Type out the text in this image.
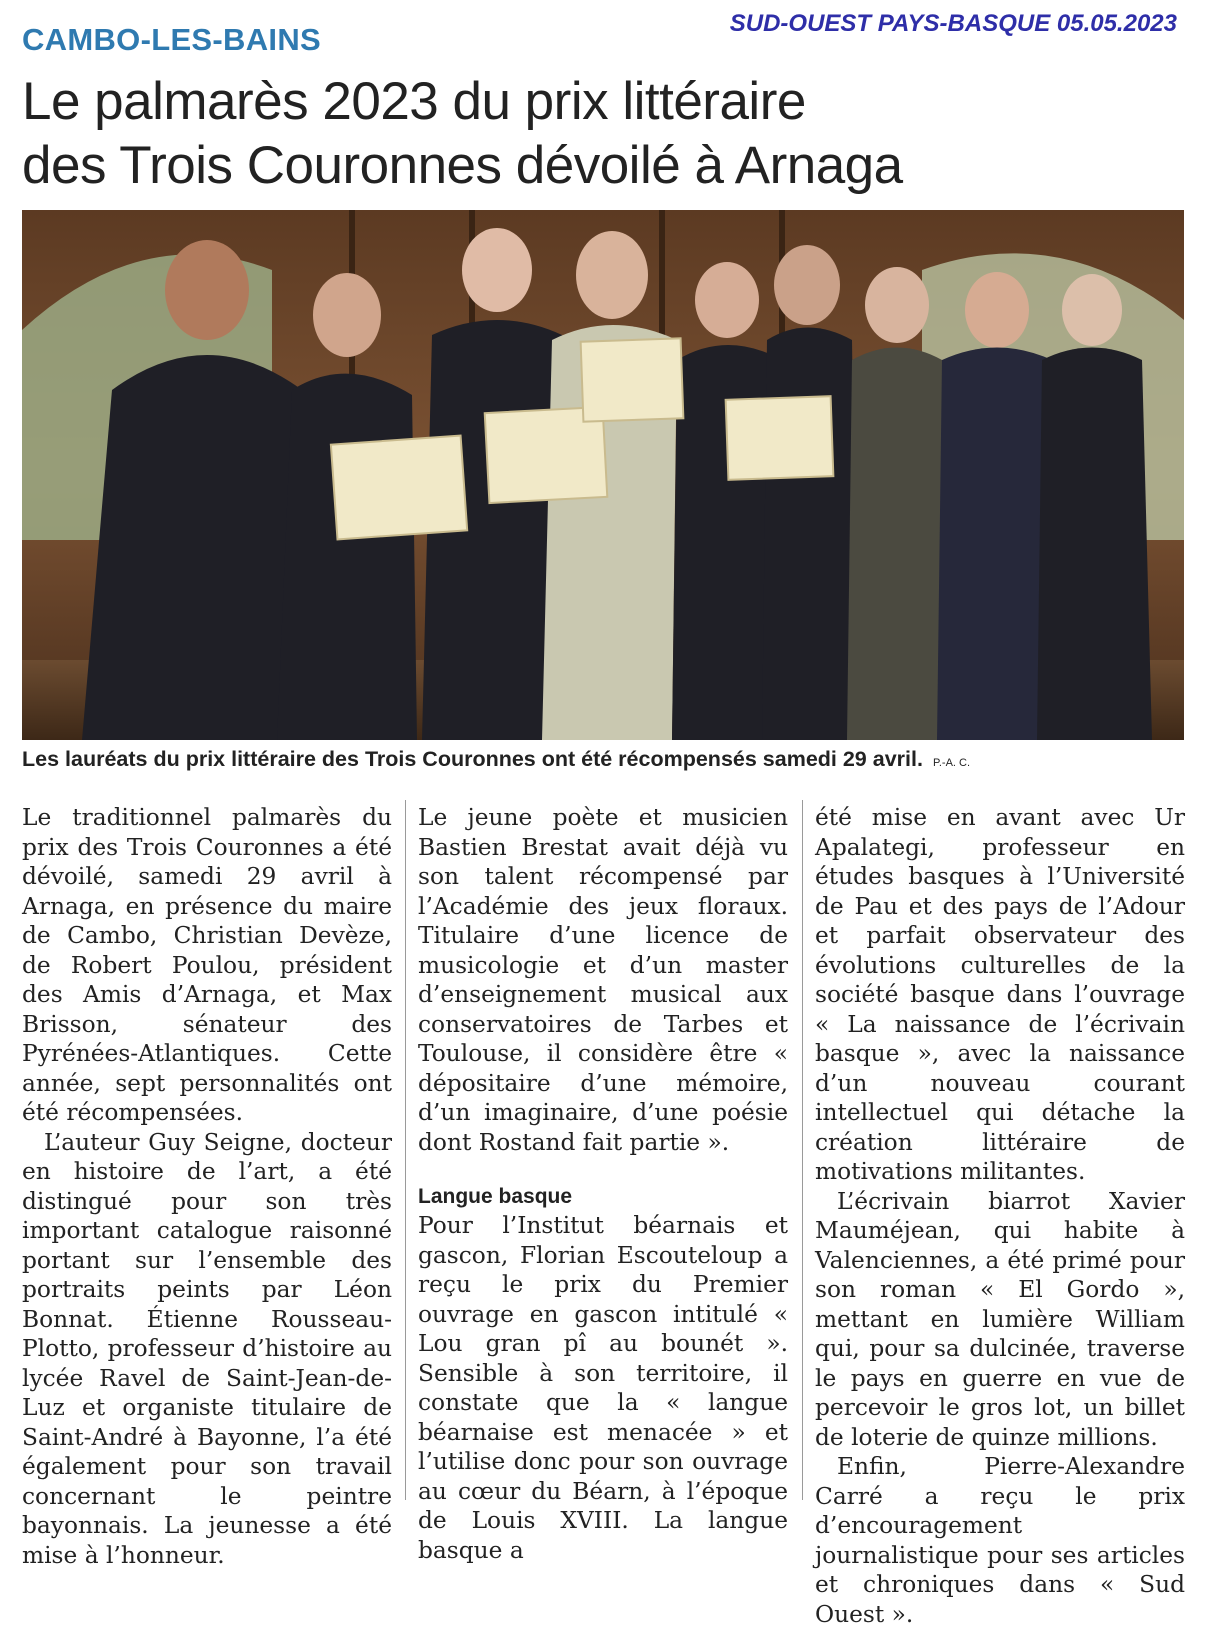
SUD-OUEST PAYS-BASQUE 05.05.2023
CAMBO-LES-BAINS
Le palmarès 2023 du prix littéraire
des Trois Couronnes dévoilé à Arnaga
Les lauréats du prix littéraire des Trois Couronnes ont été récompensés samedi 29 avril. P.-A. C.

Le traditionnel palmarès du prix des Trois Couronnes a été dévoilé, samedi 29 avril à Arnaga, en présence du maire de Cambo, Christian Devèze, de Robert Poulou, président des Amis d’Arnaga, et Max Brisson, sénateur des Pyrénées-Atlantiques. Cette année, sept personnalités ont été récompensées.

L’auteur Guy Seigne, docteur en histoire de l’art, a été distingué pour son très important catalogue raisonné portant sur l’ensemble des portraits peints par Léon Bonnat. Étienne Rousseau-Plotto, professeur d’histoire au lycée Ravel de Saint-Jean-de-Luz et organiste titulaire de Saint-André à Bayonne, l’a été également pour son travail concernant le peintre bayonnais. La jeunesse a été mise à l’honneur.

Le jeune poète et musicien Bastien Brestat avait déjà vu son talent récompensé par l’Académie des jeux floraux. Titulaire d’une licence de musicologie et d’un master d’enseignement musical aux conservatoires de Tarbes et Toulouse, il considère être « dépositaire d’une mémoire, d’un imaginaire, d’une poésie dont Rostand fait partie ».

Langue basque

Pour l’Institut béarnais et gascon, Florian Escouteloup a reçu le prix du Premier ouvrage en gascon intitulé « Lou gran pî au bounét ». Sensible à son territoire, il constate que la « langue béarnaise est menacée » et l’utilise donc pour son ouvrage au cœur du Béarn, à l’époque de Louis XVIII. La langue basque a

été mise en avant avec Ur Apalategi, professeur en études basques à l’Université de Pau et des pays de l’Adour et parfait observateur des évolutions culturelles de la société basque dans l’ouvrage « La naissance de l’écrivain basque », avec la naissance d’un nouveau courant intellectuel qui détache la création littéraire de motivations militantes.

L’écrivain biarrot Xavier Mauméjean, qui habite à Valenciennes, a été primé pour son roman « El Gordo », mettant en lumière William qui, pour sa dulcinée, traverse le pays en guerre en vue de percevoir le gros lot, un billet de loterie de quinze millions.

Enfin, Pierre-Alexandre Carré a reçu le prix d’encouragement journalistique pour ses articles et chroniques dans « Sud Ouest ».
